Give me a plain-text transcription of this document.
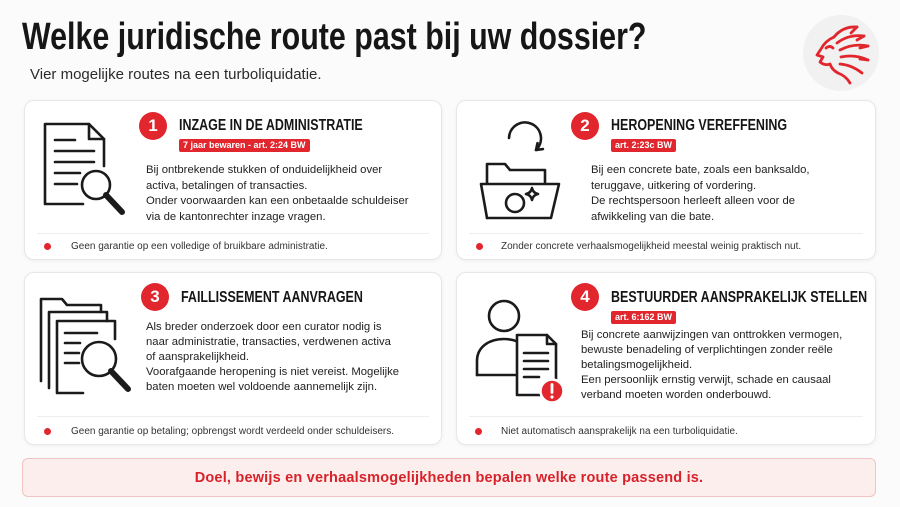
Welke juridische route past bij uw dossier?
Vier mogelijke routes na een turboliquidatie.
1	INZAGE IN DE ADMINISTRATIE
7 jaar bewaren - art. 2:24 BW
Bij ontbrekende stukken of onduidelijkheid over
activa, betalingen of transacties.
Onder voorwaarden kan een onbetaalde schuldeiser
via de kantonrechter inzage vragen.
Geen garantie op een volledige of bruikbare administratie.
2	HEROPENING VEREFFENING
art. 2:23c BW
Bij een concrete bate, zoals een banksaldo,
teruggave, uitkering of vordering.
De rechtspersoon herleeft alleen voor de
afwikkeling van die bate.
Zonder concrete verhaalsmogelijkheid meestal weinig praktisch nut.
3	FAILLISSEMENT AANVRAGEN
Als breder onderzoek door een curator nodig is
naar administratie, transacties, verdwenen activa
of aansprakelijkheid.
Voorafgaande heropening is niet vereist. Mogelijke
baten moeten wel voldoende aannemelijk zijn.
Geen garantie op betaling; opbrengst wordt verdeeld onder schuldeisers.
4	BESTUURDER AANSPRAKELIJK STELLEN
art. 6:162 BW
Bij concrete aanwijzingen van onttrokken vermogen,
bewuste benadeling of verplichtingen zonder reële
betalingsmogelijkheid.
Een persoonlijk ernstig verwijt, schade en causaal
verband moeten worden onderbouwd.
Niet automatisch aansprakelijk na een turboliquidatie.
Doel, bewijs en verhaalsmogelijkheden bepalen welke route passend is.
